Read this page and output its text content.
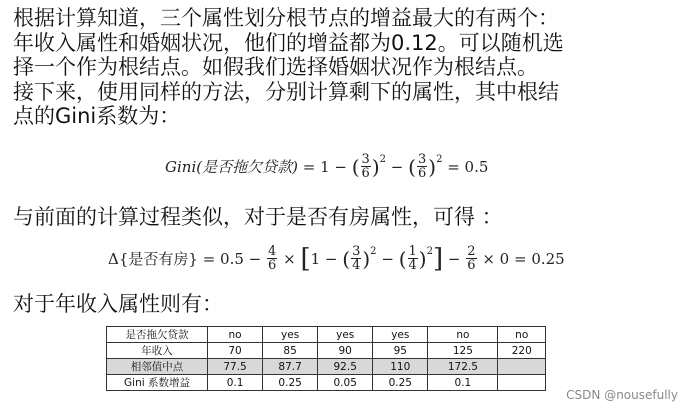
根据计算知道，三个属性划分根节点的增益最大的有两个：
年收入属性和婚姻状况，他们的增益都为0.12。可以随机选
择一个作为根结点。如假我们选择婚姻状况作为根结点。
接下来，使用同样的方法，分别计算剩下的属性，其中根结
点的Gini系数为：
Gini(是否拖欠贷款)
= 1 −
( $\frac{3}{6}$ ) 2
−
( $\frac{3}{6}$ ) 2
= 0.5
与前面的计算过程类似，对于是否有房属性，可得 ：
Δ{是否有房}
= 0.5 −
$\frac{4}{6}$
×
[ 1 −
( $\frac{3}{4}$ ) 2
−
( $\frac{1}{4}$ ) 2 ]
−
$\frac{2}{6}$
× 0 = 0.25
对于年收入属性则有：
是否拖欠贷款	no	yes	yes	yes	no	no
年收入	70	85	90	95	125	220
相邻值中点	77.5	87.7	92.5	110	172.5	
Gini 系数增益	0.1	0.25	0.05	0.25	0.1	
CSDN @nousefully
